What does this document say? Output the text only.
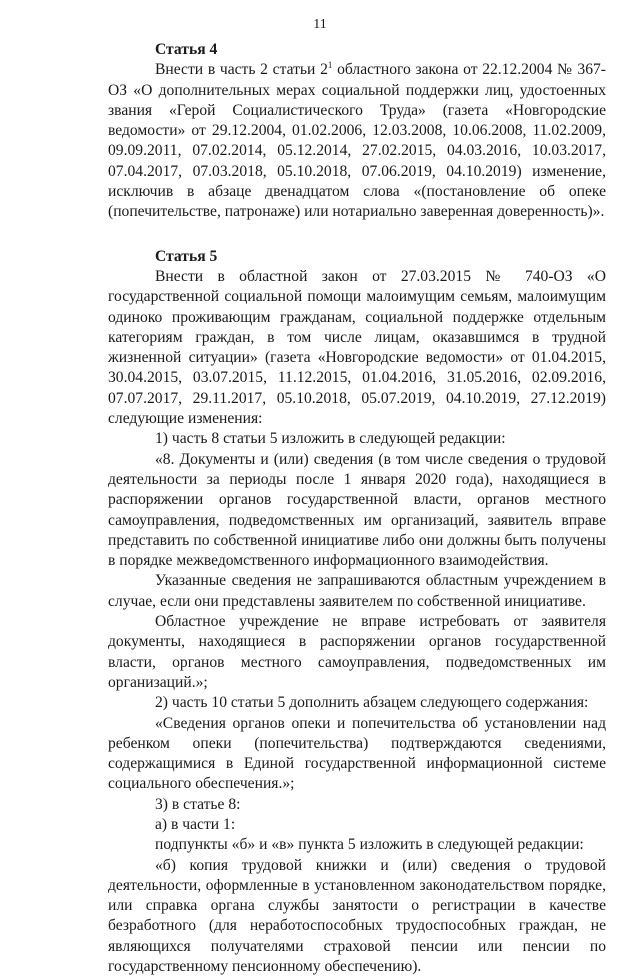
11

Статья 4

Внести в часть 2 статьи $2^1$ областного закона от 22.12.2004 № 367-ОЗ «О дополнительных мерах социальной поддержки лиц, удостоенных звания «Герой Социалистического Труда» (газета «Новгородские ведомости» от 29.12.2004, 01.02.2006, 12.03.2008, 10.06.2008, 11.02.2009, 09.09.2011, 07.02.2014, 05.12.2014, 27.02.2015, 04.03.2016, 10.03.2017, 07.04.2017, 07.03.2018, 05.10.2018, 07.06.2019, 04.10.2019) изменение, исключив в абзаце двенадцатом слова «(постановление об опеке (попечительстве, патронаже) или нотариально заверенная доверенность)».

Статья 5

Внести в областной закон от 27.03.2015 № 740-ОЗ «О государственной социальной помощи малоимущим семьям, малоимущим одиноко проживающим гражданам, социальной поддержке отдельным категориям граждан, в том числе лицам, оказавшимся в трудной жизненной ситуации» (газета «Новгородские ведомости» от 01.04.2015, 30.04.2015, 03.07.2015, 11.12.2015, 01.04.2016, 31.05.2016, 02.09.2016, 07.07.2017, 29.11.2017, 05.10.2018, 05.07.2019, 04.10.2019, 27.12.2019) следующие изменения:

1) часть 8 статьи 5 изложить в следующей редакции:

«8. Документы и (или) сведения (в том числе сведения о трудовой деятельности за периоды после 1 января 2020 года), находящиеся в распоряжении органов государственной власти, органов местного самоуправления, подведомственных им организаций, заявитель вправе представить по собственной инициативе либо они должны быть получены в порядке межведомственного информационного взаимодействия.

Указанные сведения не запрашиваются областным учреждением в случае, если они представлены заявителем по собственной инициативе.

Областное учреждение не вправе истребовать от заявителя документы, находящиеся в распоряжении органов государственной власти, органов местного самоуправления, подведомственных им организаций.»;

2) часть 10 статьи 5 дополнить абзацем следующего содержания:

«Сведения органов опеки и попечительства об установлении над ребенком опеки (попечительства) подтверждаются сведениями, содержащимися в Единой государственной информационной системе социального обеспечения.»;

3) в статье 8:

а) в части 1:

подпункты «б» и «в» пункта 5 изложить в следующей редакции:

«б) копия трудовой книжки и (или) сведения о трудовой деятельности, оформленные в установленном законодательством порядке, или справка органа службы занятости о регистрации в качестве безработного (для неработоспособных трудоспособных граждан, не являющихся получателями страховой пенсии или пенсии по государственному пенсионному обеспечению).
